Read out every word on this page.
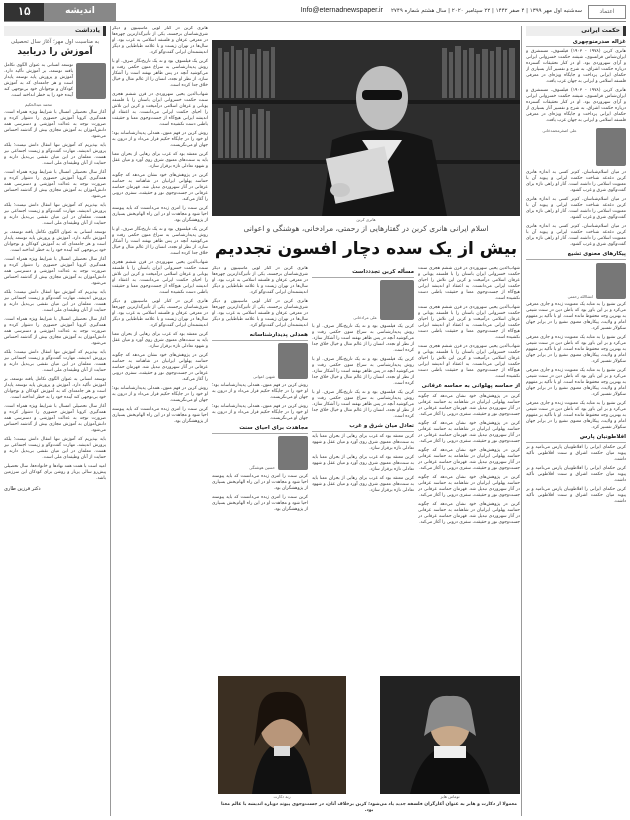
۱۵	اندیشه	Info@eternadnewspaper.ir سه‌شنبه اول مهر ۱۳۹۹ | ۴ صفر ۱۴۴۲ | ۲۲ سپتامبر ۲۰۲۰ | سال هشتم شماره ۲۷۴۹	اعتماد
حکمت ایرانی
غزاله صدرمنوچهری

هانری کربن (۱۹۷۸ - ۱۹۰۳) فیلسوف، مستشرق و ایران‌شناس فرانسوی، شیفته حکمت خسروانی ایرانی و آرای سهروردی بود. او در کنار تحقیقات گسترده درباره حکمت اشراق، به شرح و تفسیر آثار بسیاری از حکمای ایرانی پرداخت و جایگاه ویژه‌ای در معرفی فلسفه اسلامی و ایرانی به جهان غرب یافت.

هانری کربن (۱۹۷۸ - ۱۹۰۳) فیلسوف، مستشرق و ایران‌شناس فرانسوی، شیفته حکمت خسروانی ایرانی و آرای سهروردی بود. او در کنار تحقیقات گسترده درباره حکمت اشراق، به شرح و تفسیر آثار بسیاری از حکمای ایرانی پرداخت و جایگاه ویژه‌ای در معرفی فلسفه اسلامی و ایرانی به جهان غرب یافت.

علی اصغرمحمدخانی

در میان اسلام‌شناسان، کم‌تر کسی به اندازه هانری کربن دغدغه شناخت حکمت ایرانی و پیوند آن با معنویت اسلامی را داشته است. آثار او راهی تازه برای گفت‌وگوی شرق و غرب گشود.

در میان اسلام‌شناسان، کم‌تر کسی به اندازه هانری کربن دغدغه شناخت حکمت ایرانی و پیوند آن با معنویت اسلامی را داشته است. آثار او راهی تازه برای گفت‌وگوی شرق و غرب گشود.

در میان اسلام‌شناسان، کم‌تر کسی به اندازه هانری کربن دغدغه شناخت حکمت ایرانی و پیوند آن با معنویت اسلامی را داشته است. آثار او راهی تازه برای گفت‌وگوی شرق و غرب گشود.

پیکارهای معنوی تشیع
انشاالله رحمتی

کربن تشیع را به مثابه یک معنویت زنده و جاری معرفی می‌کرد و بر این باور بود که باطن دین در سنت شیعی به بهترین وجه محفوظ مانده است. او با تأکید بر مفهوم امام و ولایت، پیکارهای معنوی تشیع را در برابر جهان سکولار تفسیر کرد.

کربن تشیع را به مثابه یک معنویت زنده و جاری معرفی می‌کرد و بر این باور بود که باطن دین در سنت شیعی به بهترین وجه محفوظ مانده است. او با تأکید بر مفهوم امام و ولایت، پیکارهای معنوی تشیع را در برابر جهان سکولار تفسیر کرد.

کربن تشیع را به مثابه یک معنویت زنده و جاری معرفی می‌کرد و بر این باور بود که باطن دین در سنت شیعی به بهترین وجه محفوظ مانده است. او با تأکید بر مفهوم امام و ولایت، پیکارهای معنوی تشیع را در برابر جهان سکولار تفسیر کرد.

کربن تشیع را به مثابه یک معنویت زنده و جاری معرفی می‌کرد و بر این باور بود که باطن دین در سنت شیعی به بهترین وجه محفوظ مانده است. او با تأکید بر مفهوم امام و ولایت، پیکارهای معنوی تشیع را در برابر جهان سکولار تفسیر کرد.

افلاطونیان پارس

کربن حکمای ایرانی را افلاطونیان پارس می‌نامید و بر پیوند میان حکمت اشراق و سنت افلاطونی تأکید داشت.

کربن حکمای ایرانی را افلاطونیان پارس می‌نامید و بر پیوند میان حکمت اشراق و سنت افلاطونی تأکید داشت.

کربن حکمای ایرانی را افلاطونیان پارس می‌نامید و بر پیوند میان حکمت اشراق و سنت افلاطونی تأکید داشت.

هانری کربن
اسلام ایرانی هانری کربن در گفتارهایی از رحمتی، مرادخانی، هوشنگی و اعوانی
بیش از یک سده دچار افسون تجددیم

شهاب‌الدین یحیی سهروردی در قرن ششم هجری سنت حکمت خسروانی ایران باستان را با فلسفه یونانی و عرفان اسلامی درآمیخت و کربن این تلاش را احیای حکمت ایرانی می‌دانست. به اعتقاد او اندیشه ایرانی هیچ‌گاه از جست‌وجوی معنا و حقیقت باطنی دست نکشیده است.

شهاب‌الدین یحیی سهروردی در قرن ششم هجری سنت حکمت خسروانی ایران باستان را با فلسفه یونانی و عرفان اسلامی درآمیخت و کربن این تلاش را احیای حکمت ایرانی می‌دانست. به اعتقاد او اندیشه ایرانی هیچ‌گاه از جست‌وجوی معنا و حقیقت باطنی دست نکشیده است.

شهاب‌الدین یحیی سهروردی در قرن ششم هجری سنت حکمت خسروانی ایران باستان را با فلسفه یونانی و عرفان اسلامی درآمیخت و کربن این تلاش را احیای حکمت ایرانی می‌دانست. به اعتقاد او اندیشه ایرانی هیچ‌گاه از جست‌وجوی معنا و حقیقت باطنی دست نکشیده است.

از حماسه پهلوانی به حماسه عرفانی

کربن در پژوهش‌های خود نشان می‌دهد که چگونه حماسه پهلوانی ایرانیان در شاهنامه به حماسه عرفانی در آثار سهروردی تبدیل شد. قهرمان حماسه عرفانی در جست‌وجوی نور و حقیقت، سفری درونی را آغاز می‌کند.

کربن در پژوهش‌های خود نشان می‌دهد که چگونه حماسه پهلوانی ایرانیان در شاهنامه به حماسه عرفانی در آثار سهروردی تبدیل شد. قهرمان حماسه عرفانی در جست‌وجوی نور و حقیقت، سفری درونی را آغاز می‌کند.

کربن در پژوهش‌های خود نشان می‌دهد که چگونه حماسه پهلوانی ایرانیان در شاهنامه به حماسه عرفانی در آثار سهروردی تبدیل شد. قهرمان حماسه عرفانی در جست‌وجوی نور و حقیقت، سفری درونی را آغاز می‌کند.

کربن در پژوهش‌های خود نشان می‌دهد که چگونه حماسه پهلوانی ایرانیان در شاهنامه به حماسه عرفانی در آثار سهروردی تبدیل شد. قهرمان حماسه عرفانی در جست‌وجوی نور و حقیقت، سفری درونی را آغاز می‌کند.

کربن در پژوهش‌های خود نشان می‌دهد که چگونه حماسه پهلوانی ایرانیان در شاهنامه به حماسه عرفانی در آثار سهروردی تبدیل شد. قهرمان حماسه عرفانی در جست‌وجوی نور و حقیقت، سفری درونی را آغاز می‌کند.

مسأله کربن تجددداست
علی مرادخانی

کربن یک فیلسوف بود و نه یک تاریخ‌نگار صرف. او با روش پدیدارشناسی به سراغ متون حکمی رفت و می‌کوشید آنچه در پس ظاهر نهفته است را آشکار سازد. از نظر او تجدد، انسان را از عالم مثال و خیال خلاق جدا کرده است.

کربن یک فیلسوف بود و نه یک تاریخ‌نگار صرف. او با روش پدیدارشناسی به سراغ متون حکمی رفت و می‌کوشید آنچه در پس ظاهر نهفته است را آشکار سازد. از نظر او تجدد، انسان را از عالم مثال و خیال خلاق جدا کرده است.

کربن یک فیلسوف بود و نه یک تاریخ‌نگار صرف. او با روش پدیدارشناسی به سراغ متون حکمی رفت و می‌کوشید آنچه در پس ظاهر نهفته است را آشکار سازد. از نظر او تجدد، انسان را از عالم مثال و خیال خلاق جدا کرده است.

تعادل میان شرق و غرب

کربن معتقد بود که غرب برای رهایی از بحران معنا باید به سنت‌های معنوی شرق روی آورد و میان عقل و شهود تعادلی تازه برقرار سازد.

کربن معتقد بود که غرب برای رهایی از بحران معنا باید به سنت‌های معنوی شرق روی آورد و میان عقل و شهود تعادلی تازه برقرار سازد.

کربن معتقد بود که غرب برای رهایی از بحران معنا باید به سنت‌های معنوی شرق روی آورد و میان عقل و شهود تعادلی تازه برقرار سازد.

هانری کربن در کنار لویی ماسینیون و دیگر شرق‌شناسان برجسته، یکی از تأثیرگذارترین چهره‌ها در معرفی عرفان و فلسفه اسلامی به غرب بود. او سال‌ها در تهران زیست و با علامه طباطبایی و دیگر اندیشمندان ایرانی گفت‌وگو کرد.

هانری کربن در کنار لویی ماسینیون و دیگر شرق‌شناسان برجسته، یکی از تأثیرگذارترین چهره‌ها در معرفی عرفان و فلسفه اسلامی به غرب بود. او سال‌ها در تهران زیست و با علامه طباطبایی و دیگر اندیشمندان ایرانی گفت‌وگو کرد.

همدلی پدیدارشناسانه
شهین اعوانی

روش کربن در فهم متون، همدلی پدیدارشناسانه بود؛ او خود را در جایگاه حکیم قرار می‌داد و از درون به جهان او می‌نگریست.

روش کربن در فهم متون، همدلی پدیدارشناسانه بود؛ او خود را در جایگاه حکیم قرار می‌داد و از درون به جهان او می‌نگریست.

مجاهدت برای احیای سنت
حسین هوشنگی

کربن سنت را امری زنده می‌دانست که باید پیوسته احیا شود و مجاهدت او در این راه الهام‌بخش بسیاری از پژوهشگران بود.

کربن سنت را امری زنده می‌دانست که باید پیوسته احیا شود و مجاهدت او در این راه الهام‌بخش بسیاری از پژوهشگران بود.

هانری کربن در کنار لویی ماسینیون و دیگر شرق‌شناسان برجسته، یکی از تأثیرگذارترین چهره‌ها در معرفی عرفان و فلسفه اسلامی به غرب بود. او سال‌ها در تهران زیست و با علامه طباطبایی و دیگر اندیشمندان ایرانی گفت‌وگو کرد.

کربن یک فیلسوف بود و نه یک تاریخ‌نگار صرف. او با روش پدیدارشناسی به سراغ متون حکمی رفت و می‌کوشید آنچه در پس ظاهر نهفته است را آشکار سازد. از نظر او تجدد، انسان را از عالم مثال و خیال خلاق جدا کرده است.

شهاب‌الدین یحیی سهروردی در قرن ششم هجری سنت حکمت خسروانی ایران باستان را با فلسفه یونانی و عرفان اسلامی درآمیخت و کربن این تلاش را احیای حکمت ایرانی می‌دانست. به اعتقاد او اندیشه ایرانی هیچ‌گاه از جست‌وجوی معنا و حقیقت باطنی دست نکشیده است.

روش کربن در فهم متون، همدلی پدیدارشناسانه بود؛ او خود را در جایگاه حکیم قرار می‌داد و از درون به جهان او می‌نگریست.

کربن معتقد بود که غرب برای رهایی از بحران معنا باید به سنت‌های معنوی شرق روی آورد و میان عقل و شهود تعادلی تازه برقرار سازد.

کربن در پژوهش‌های خود نشان می‌دهد که چگونه حماسه پهلوانی ایرانیان در شاهنامه به حماسه عرفانی در آثار سهروردی تبدیل شد. قهرمان حماسه عرفانی در جست‌وجوی نور و حقیقت، سفری درونی را آغاز می‌کند.

کربن سنت را امری زنده می‌دانست که باید پیوسته احیا شود و مجاهدت او در این راه الهام‌بخش بسیاری از پژوهشگران بود.

کربن یک فیلسوف بود و نه یک تاریخ‌نگار صرف. او با روش پدیدارشناسی به سراغ متون حکمی رفت و می‌کوشید آنچه در پس ظاهر نهفته است را آشکار سازد. از نظر او تجدد، انسان را از عالم مثال و خیال خلاق جدا کرده است.

شهاب‌الدین یحیی سهروردی در قرن ششم هجری سنت حکمت خسروانی ایران باستان را با فلسفه یونانی و عرفان اسلامی درآمیخت و کربن این تلاش را احیای حکمت ایرانی می‌دانست. به اعتقاد او اندیشه ایرانی هیچ‌گاه از جست‌وجوی معنا و حقیقت باطنی دست نکشیده است.

هانری کربن در کنار لویی ماسینیون و دیگر شرق‌شناسان برجسته، یکی از تأثیرگذارترین چهره‌ها در معرفی عرفان و فلسفه اسلامی به غرب بود. او سال‌ها در تهران زیست و با علامه طباطبایی و دیگر اندیشمندان ایرانی گفت‌وگو کرد.

کربن معتقد بود که غرب برای رهایی از بحران معنا باید به سنت‌های معنوی شرق روی آورد و میان عقل و شهود تعادلی تازه برقرار سازد.

کربن در پژوهش‌های خود نشان می‌دهد که چگونه حماسه پهلوانی ایرانیان در شاهنامه به حماسه عرفانی در آثار سهروردی تبدیل شد. قهرمان حماسه عرفانی در جست‌وجوی نور و حقیقت، سفری درونی را آغاز می‌کند.

روش کربن در فهم متون، همدلی پدیدارشناسانه بود؛ او خود را در جایگاه حکیم قرار می‌داد و از درون به جهان او می‌نگریست.

کربن سنت را امری زنده می‌دانست که باید پیوسته احیا شود و مجاهدت او در این راه الهام‌بخش بسیاری از پژوهشگران بود.

رنه دکارت	توماس هابز
معمولا از دکارت و هابز به عنوان آغازگران فلسفه جدید یاد می‌شود؛ کربن برخلاف آنان، در جست‌وجوی پیوند دوباره اندیشه با عالم معنا بود.
یادداشت
به مناسبت اول مهر؛ آغاز سال تحصیلی
آموزش را دریابید

توسعه انسانی به عنوان الگوی تکامل یافته توسعه، بر آموزش تأکید دارد. آموزش و پرورش پایه توسعه پایدار است و هر جامعه‌ای که به آموزش کودکان و نوجوانان خود بی‌توجهی کند آینده خود را به خطر انداخته است.

محمد عبدالحکیم

آغاز سال تحصیلی امسال با شرایط ویژه همراه است. همه‌گیری کرونا آموزش حضوری را دشوار کرده و ضرورت توجه به عدالت آموزشی و دسترسی همه دانش‌آموزان به آموزش مجازی بیش از گذشته احساس می‌شود.

باید بپذیریم که آموزش تنها انتقال دانش نیست؛ بلکه پرورش اندیشه، مهارت گفت‌وگو و زیست اجتماعی نیز هست. معلمان در این میان نقشی بی‌بدیل دارند و حمایت از آنان وظیفه‌ای ملی است.

آغاز سال تحصیلی امسال با شرایط ویژه همراه است. همه‌گیری کرونا آموزش حضوری را دشوار کرده و ضرورت توجه به عدالت آموزشی و دسترسی همه دانش‌آموزان به آموزش مجازی بیش از گذشته احساس می‌شود.

باید بپذیریم که آموزش تنها انتقال دانش نیست؛ بلکه پرورش اندیشه، مهارت گفت‌وگو و زیست اجتماعی نیز هست. معلمان در این میان نقشی بی‌بدیل دارند و حمایت از آنان وظیفه‌ای ملی است.

توسعه انسانی به عنوان الگوی تکامل یافته توسعه، بر آموزش تأکید دارد. آموزش و پرورش پایه توسعه پایدار است و هر جامعه‌ای که به آموزش کودکان و نوجوانان خود بی‌توجهی کند آینده خود را به خطر انداخته است.

آغاز سال تحصیلی امسال با شرایط ویژه همراه است. همه‌گیری کرونا آموزش حضوری را دشوار کرده و ضرورت توجه به عدالت آموزشی و دسترسی همه دانش‌آموزان به آموزش مجازی بیش از گذشته احساس می‌شود.

باید بپذیریم که آموزش تنها انتقال دانش نیست؛ بلکه پرورش اندیشه، مهارت گفت‌وگو و زیست اجتماعی نیز هست. معلمان در این میان نقشی بی‌بدیل دارند و حمایت از آنان وظیفه‌ای ملی است.

آغاز سال تحصیلی امسال با شرایط ویژه همراه است. همه‌گیری کرونا آموزش حضوری را دشوار کرده و ضرورت توجه به عدالت آموزشی و دسترسی همه دانش‌آموزان به آموزش مجازی بیش از گذشته احساس می‌شود.

باید بپذیریم که آموزش تنها انتقال دانش نیست؛ بلکه پرورش اندیشه، مهارت گفت‌وگو و زیست اجتماعی نیز هست. معلمان در این میان نقشی بی‌بدیل دارند و حمایت از آنان وظیفه‌ای ملی است.

توسعه انسانی به عنوان الگوی تکامل یافته توسعه، بر آموزش تأکید دارد. آموزش و پرورش پایه توسعه پایدار است و هر جامعه‌ای که به آموزش کودکان و نوجوانان خود بی‌توجهی کند آینده خود را به خطر انداخته است.

آغاز سال تحصیلی امسال با شرایط ویژه همراه است. همه‌گیری کرونا آموزش حضوری را دشوار کرده و ضرورت توجه به عدالت آموزشی و دسترسی همه دانش‌آموزان به آموزش مجازی بیش از گذشته احساس می‌شود.

باید بپذیریم که آموزش تنها انتقال دانش نیست؛ بلکه پرورش اندیشه، مهارت گفت‌وگو و زیست اجتماعی نیز هست. معلمان در این میان نقشی بی‌بدیل دارند و حمایت از آنان وظیفه‌ای ملی است.

امید است با همت همه نهادها و خانواده‌ها، سال تحصیلی پیش‌رو سالی پربار و روشن برای کودکان این سرزمین باشد.

دکتر فرزین طاری
